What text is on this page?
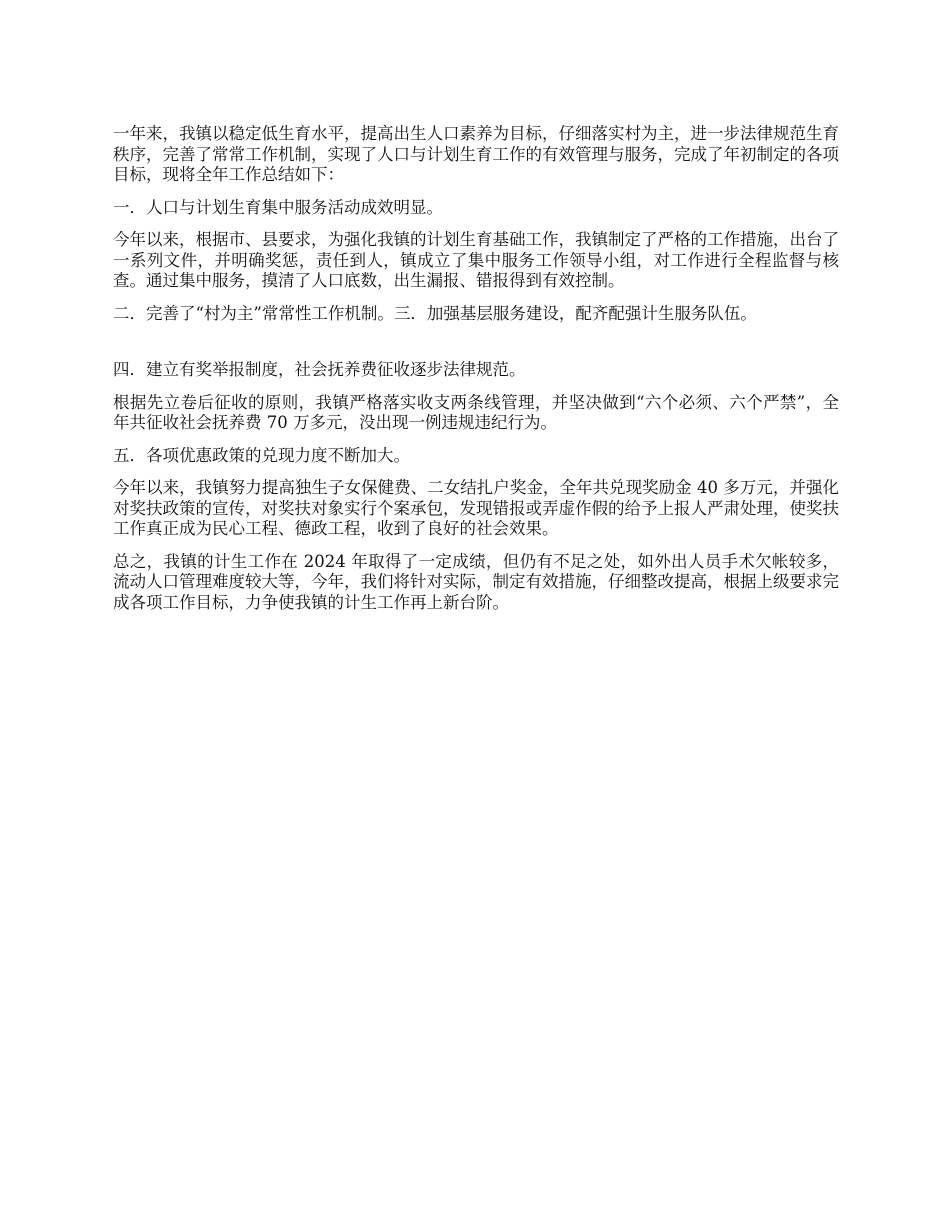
一年来，我镇以稳定低生育水平，提高出生人口素养为目标，仔细落实村为主，进一步法律规范生育秩序，完善了常常工作机制，实现了人口与计划生育工作的有效管理与服务，完成了年初制定的各项目标，现将全年工作总结如下：

一．人口与计划生育集中服务活动成效明显。

今年以来，根据市、县要求，为强化我镇的计划生育基础工作，我镇制定了严格的工作措施，出台了一系列文件，并明确奖惩，责任到人，镇成立了集中服务工作领导小组，对工作进行全程监督与核查。通过集中服务，摸清了人口底数，出生漏报、错报得到有效控制。

二．完善了“村为主”常常性工作机制。三．加强基层服务建设，配齐配强计生服务队伍。

四．建立有奖举报制度，社会抚养费征收逐步法律规范。

根据先立卷后征收的原则，我镇严格落实收支两条线管理，并坚决做到“六个必须、六个严禁”，全年共征收社会抚养费 70 万多元，没出现一例违规违纪行为。

五．各项优惠政策的兑现力度不断加大。

今年以来，我镇努力提高独生子女保健费、二女结扎户奖金，全年共兑现奖励金 40 多万元，并强化对奖扶政策的宣传，对奖扶对象实行个案承包，发现错报或弄虚作假的给予上报人严肃处理，使奖扶工作真正成为民心工程、德政工程，收到了良好的社会效果。

总之，我镇的计生工作在 2024 年取得了一定成绩，但仍有不足之处，如外出人员手术欠帐较多，流动人口管理难度较大等，今年，我们将针对实际，制定有效措施，仔细整改提高，根据上级要求完成各项工作目标，力争使我镇的计生工作再上新台阶。
